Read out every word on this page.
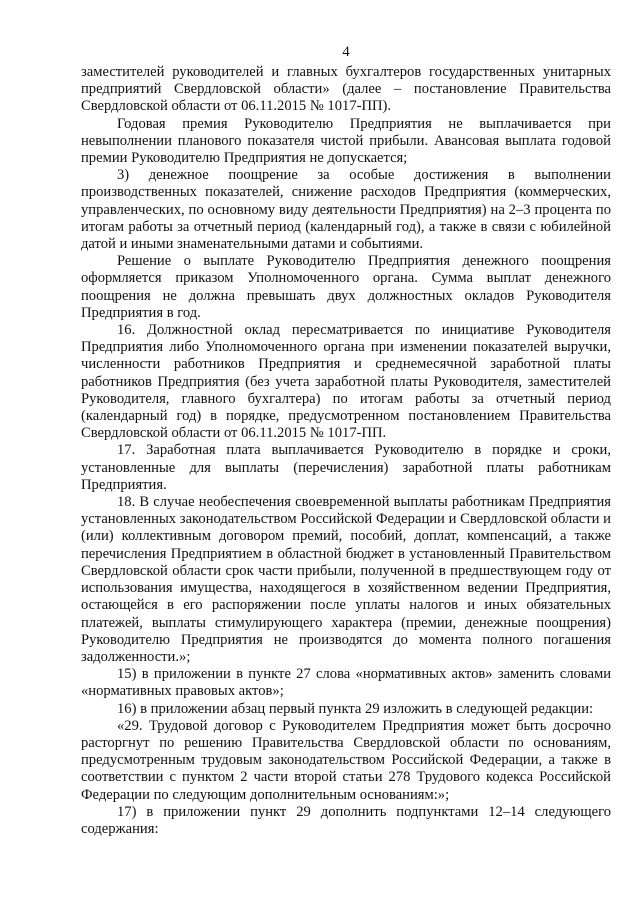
4

заместителей руководителей и главных бухгалтеров государственных унитарных предприятий Свердловской области» (далее – постановление Правительства Свердловской области от 06.11.2015 № 1017-ПП).

Годовая премия Руководителю Предприятия не выплачивается при невыполнении планового показателя чистой прибыли. Авансовая выплата годовой премии Руководителю Предприятия не допускается;

3) денежное поощрение за особые достижения в выполнении производственных показателей, снижение расходов Предприятия (коммерческих, управленческих, по основному виду деятельности Предприятия) на 2–3 процента по итогам работы за отчетный период (календарный год), а также в связи с юбилейной датой и иными знаменательными датами и событиями.

Решение о выплате Руководителю Предприятия денежного поощрения оформляется приказом Уполномоченного органа. Сумма выплат денежного поощрения не должна превышать двух должностных окладов Руководителя Предприятия в год.

16. Должностной оклад пересматривается по инициативе Руководителя Предприятия либо Уполномоченного органа при изменении показателей выручки, численности работников Предприятия и среднемесячной заработной платы работников Предприятия (без учета заработной платы Руководителя, заместителей Руководителя, главного бухгалтера) по итогам работы за отчетный период (календарный год) в порядке, предусмотренном постановлением Правительства Свердловской области от 06.11.2015 № 1017-ПП.

17. Заработная плата выплачивается Руководителю в порядке и сроки, установленные для выплаты (перечисления) заработной платы работникам Предприятия.

18. В случае необеспечения своевременной выплаты работникам Предприятия установленных законодательством Российской Федерации и Свердловской области и (или) коллективным договором премий, пособий, доплат, компенсаций, а также перечисления Предприятием в областной бюджет в установленный Правительством Свердловской области срок части прибыли, полученной в предшествующем году от использования имущества, находящегося в хозяйственном ведении Предприятия, остающейся в его распоряжении после уплаты налогов и иных обязательных платежей, выплаты стимулирующего характера (премии, денежные поощрения) Руководителю Предприятия не производятся до момента полного погашения задолженности.»;

15) в приложении в пункте 27 слова «нормативных актов» заменить словами «нормативных правовых актов»;

16) в приложении абзац первый пункта 29 изложить в следующей редакции:

«29. Трудовой договор с Руководителем Предприятия может быть досрочно расторгнут по решению Правительства Свердловской области по основаниям, предусмотренным трудовым законодательством Российской Федерации, а также в соответствии с пунктом 2 части второй статьи 278 Трудового кодекса Российской Федерации по следующим дополнительным основаниям:»;

17) в приложении пункт 29 дополнить подпунктами 12–14 следующего содержания:
